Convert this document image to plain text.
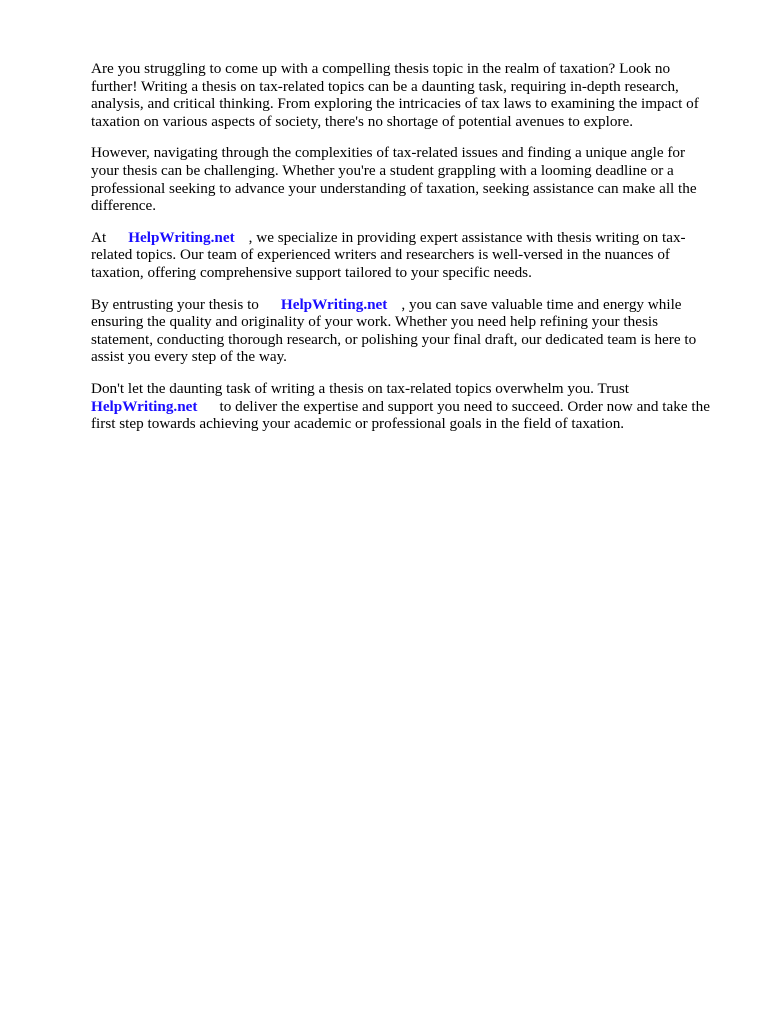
Are you struggling to come up with a compelling thesis topic in the realm of taxation? Look no further! Writing a thesis on tax-related topics can be a daunting task, requiring in-depth research, analysis, and critical thinking. From exploring the intricacies of tax laws to examining the impact of taxation on various aspects of society, there's no shortage of potential avenues to explore.

However, navigating through the complexities of tax-related issues and finding a unique angle for your thesis can be challenging. Whether you're a student grappling with a looming deadline or a professional seeking to advance your understanding of taxation, seeking assistance can make all the difference.

At HelpWriting.net , we specialize in providing expert assistance with thesis writing on tax-related topics. Our team of experienced writers and researchers is well-versed in the nuances of taxation, offering comprehensive support tailored to your specific needs.

By entrusting your thesis to HelpWriting.net , you can save valuable time and energy while ensuring the quality and originality of your work. Whether you need help refining your thesis statement, conducting thorough research, or polishing your final draft, our dedicated team is here to assist you every step of the way.

Don't let the daunting task of writing a thesis on tax-related topics overwhelm you. Trust HelpWriting.net to deliver the expertise and support you need to succeed. Order now and take the first step towards achieving your academic or professional goals in the field of taxation.
